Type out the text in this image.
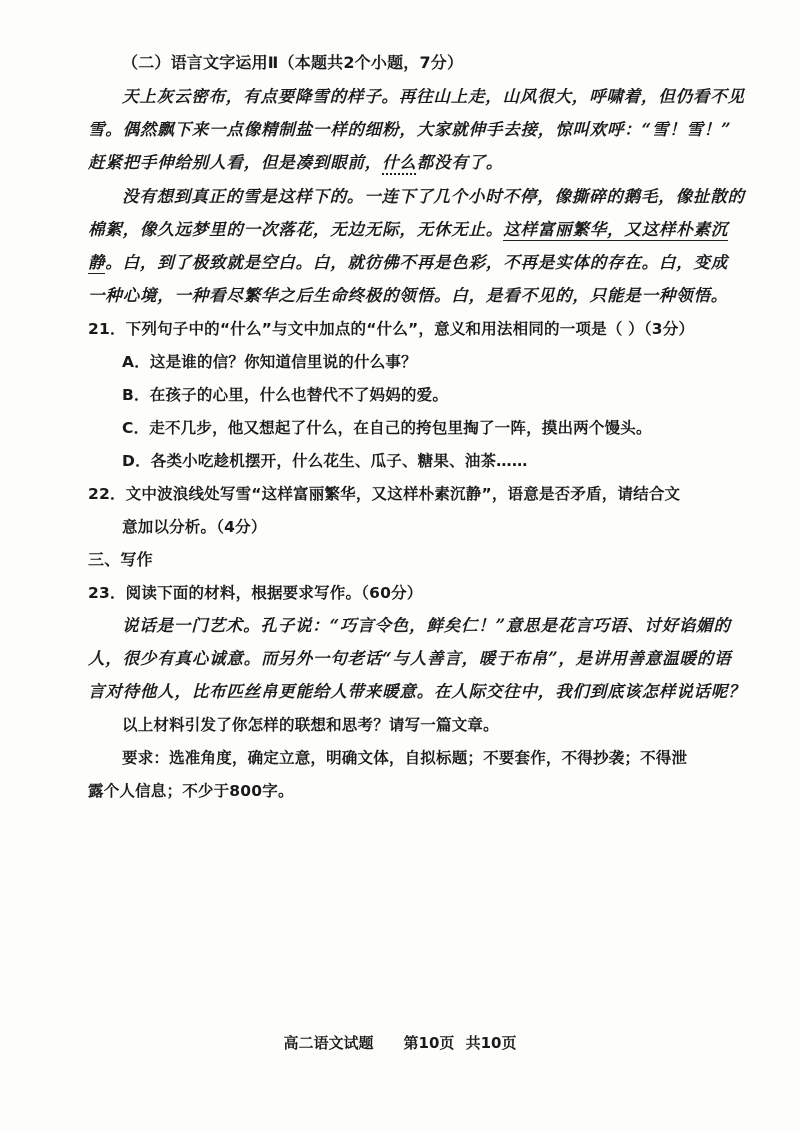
（二）语言文字运用Ⅱ（本题共2个小题，7分）
天上灰云密布，有点要降雪的样子。再往山上走，山风很大，呼啸着，但仍看不见
雪。偶然飘下来一点像精制盐一样的细粉，大家就伸手去接，惊叫欢呼：“雪！雪！”
赶紧把手伸给别人看，但是凑到眼前，什么都没有了。
没有想到真正的雪是这样下的。一连下了几个小时不停，像撕碎的鹅毛，像扯散的
棉絮，像久远梦里的一次落花，无边无际，无休无止。这样富丽繁华，又这样朴素沉
静。白，到了极致就是空白。白，就彷佛不再是色彩，不再是实体的存在。白，变成
一种心境，一种看尽繁华之后生命终极的领悟。白，是看不见的，只能是一种领悟。
21．下列句子中的“什么”与文中加点的“什么”，意义和用法相同的一项是（ ）（3分）
A．这是谁的信？你知道信里说的什么事？
B．在孩子的心里，什么也替代不了妈妈的爱。
C．走不几步，他又想起了什么，在自己的挎包里掏了一阵，摸出两个馒头。
D．各类小吃趁机摆开，什么花生、瓜子、糖果、油茶……
22．文中波浪线处写雪“这样富丽繁华，又这样朴素沉静”，语意是否矛盾，请结合文
意加以分析。（4分）
三、写作
23．阅读下面的材料，根据要求写作。（60分）
说话是一门艺术。孔子说：“巧言令色，鲜矣仁！”意思是花言巧语、讨好谄媚的
人，很少有真心诚意。而另外一句老话“与人善言，暖于布帛”，是讲用善意温暖的语
言对待他人，比布匹丝帛更能给人带来暖意。在人际交往中，我们到底该怎样说话呢？
以上材料引发了你怎样的联想和思考？请写一篇文章。
要求：选准角度，确定立意，明确文体，自拟标题；不要套作，不得抄袭；不得泄
露个人信息；不少于800字。
高二语文试题 第10页 共10页
